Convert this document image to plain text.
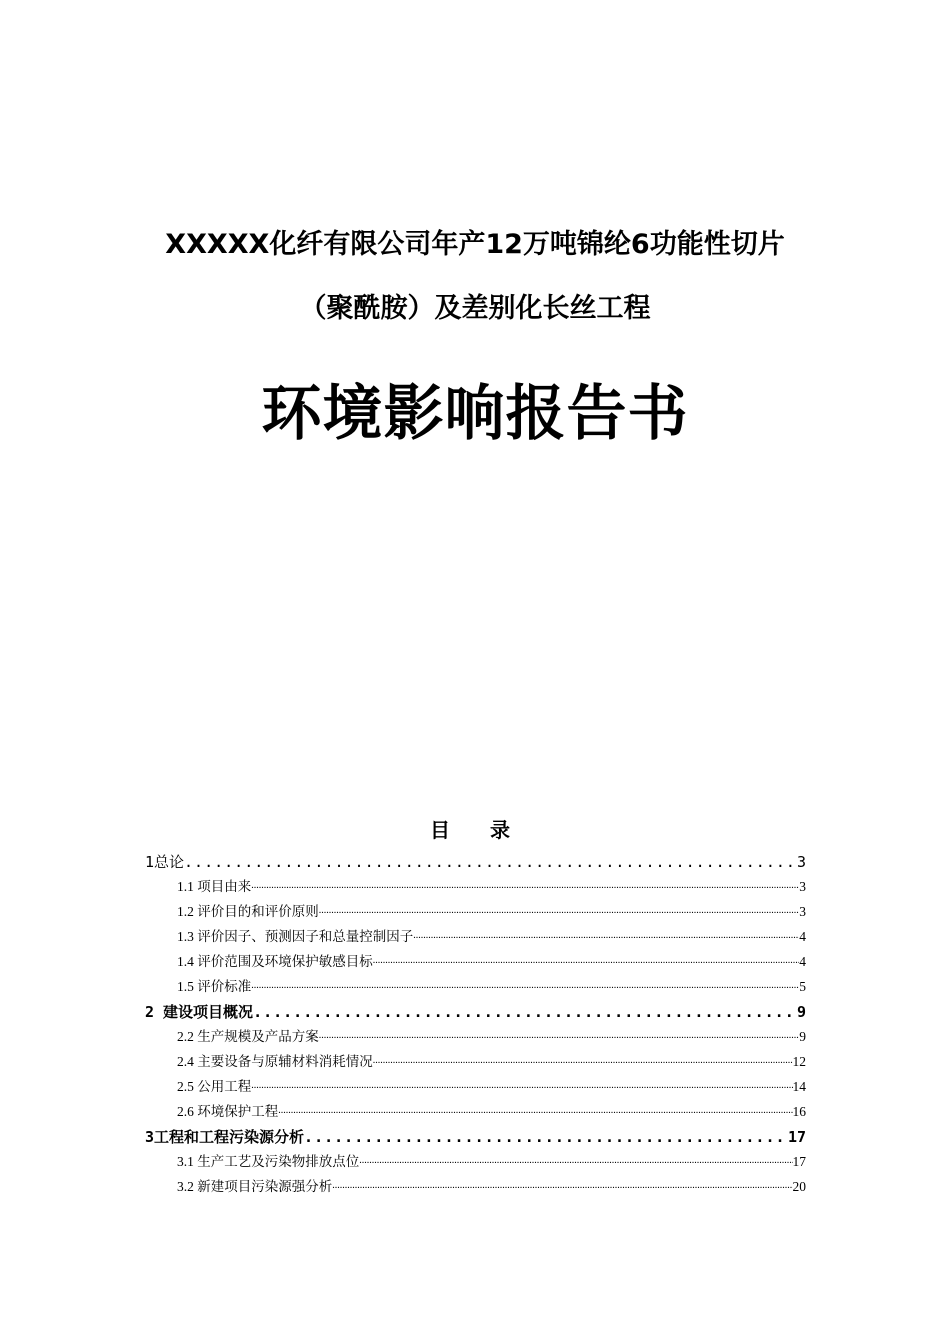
XXXXX化纤有限公司年产12万吨锦纶6功能性切片
（聚酰胺）及差别化长丝工程
环境影响报告书
目录
1总论 .....	3
1.1 项目由来 .....	3
1.2 评价目的和评价原则 .....	3
1.3 评价因子、预测因子和总量控制因子 .....	4
1.4 评价范围及环境保护敏感目标 .....	4
1.5 评价标准 .....	5
2 建设项目概况 .....	9
2.2 生产规模及产品方案 .....	9
2.4 主要设备与原辅材料消耗情况 .....	12
2.5 公用工程 .....	14
2.6 环境保护工程 .....	16
3工程和工程污染源分析 .....	17
3.1 生产工艺及污染物排放点位 .....	17
3.2 新建项目污染源强分析 .....	20
